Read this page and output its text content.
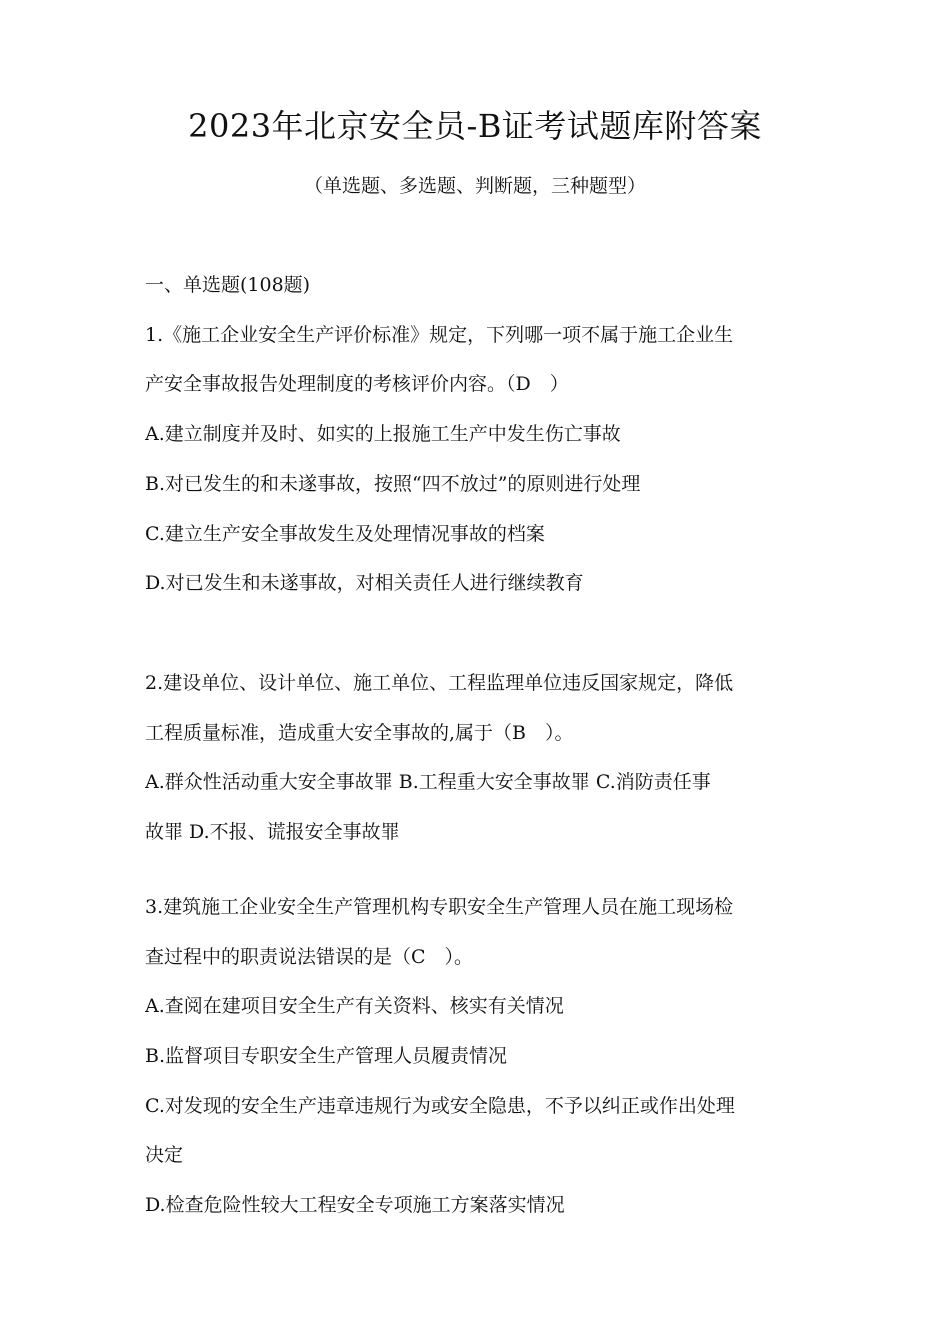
2023年北京安全员-B证考试题库附答案
（单选题、多选题、判断题，三种题型）
一、单选题(108题)
1.《施工企业安全生产评价标准》规定，下列哪一项不属于施工企业生
产安全事故报告处理制度的考核评价内容。（D　）
A.建立制度并及时、如实的上报施工生产中发生伤亡事故
B.对已发生的和未遂事故，按照“四不放过”的原则进行处理
C.建立生产安全事故发生及处理情况事故的档案
D.对已发生和未遂事故，对相关责任人进行继续教育
2.建设单位、设计单位、施工单位、工程监理单位违反国家规定，降低
工程质量标准，造成重大安全事故的,属于（B　）。
A.群众性活动重大安全事故罪 B.工程重大安全事故罪 C.消防责任事
故罪 D.不报、谎报安全事故罪
3.建筑施工企业安全生产管理机构专职安全生产管理人员在施工现场检
查过程中的职责说法错误的是（C　）。
A.查阅在建项目安全生产有关资料、核实有关情况
B.监督项目专职安全生产管理人员履责情况
C.对发现的安全生产违章违规行为或安全隐患，不予以纠正或作出处理
决定
D.检查危险性较大工程安全专项施工方案落实情况
